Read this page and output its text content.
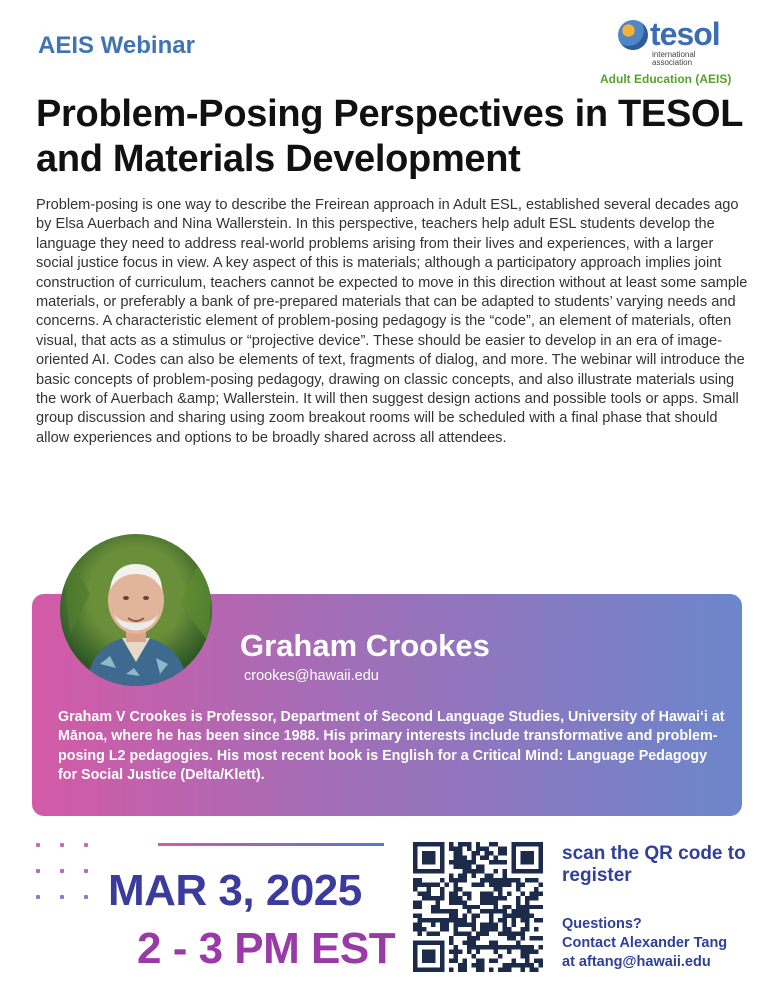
AEIS Webinar	tesol
international
association
Adult Education (AEIS)
Problem-Posing Perspectives in TESOL and Materials Development

Problem-posing is one way to describe the Freirean approach in Adult ESL, established several decades ago by Elsa Auerbach and Nina Wallerstein. In this perspective, teachers help adult ESL students develop the language they need to address real-world problems arising from their lives and experiences, with a larger social justice focus in view. A key aspect of this is materials; although a participatory approach implies joint construction of curriculum, teachers cannot be expected to move in this direction without at least some sample materials, or preferably a bank of pre-prepared materials that can be adapted to students’ varying needs and concerns. A characteristic element of problem-posing pedagogy is the “code”, an element of materials, often visual, that acts as a stimulus or “projective device”. These should be easier to develop in an era of image-oriented AI. Codes can also be elements of text, fragments of dialog, and more. The webinar will introduce the basic concepts of problem-posing pedagogy, drawing on classic concepts, and also illustrate materials using the work of Auerbach &amp; Wallerstein. It will then suggest design actions and possible tools or apps. Small group discussion and sharing using zoom breakout rooms will be scheduled with a final phase that should allow experiences and options to be broadly shared across all attendees.

Graham Crookes
crookes@hawaii.edu

Graham V Crookes is Professor, Department of Second Language Studies, University of Hawai‘i at Mānoa, where he has been since 1988. His primary interests include transformative and problem-posing L2 pedagogies. His most recent book is English for a Critical Mind: Language Pedagogy for Social Justice (Delta/Klett).

MAR 3, 2025
2 - 3 PM EST
scan the QR code to register
Questions?
Contact Alexander Tang
at aftang@hawaii.edu
